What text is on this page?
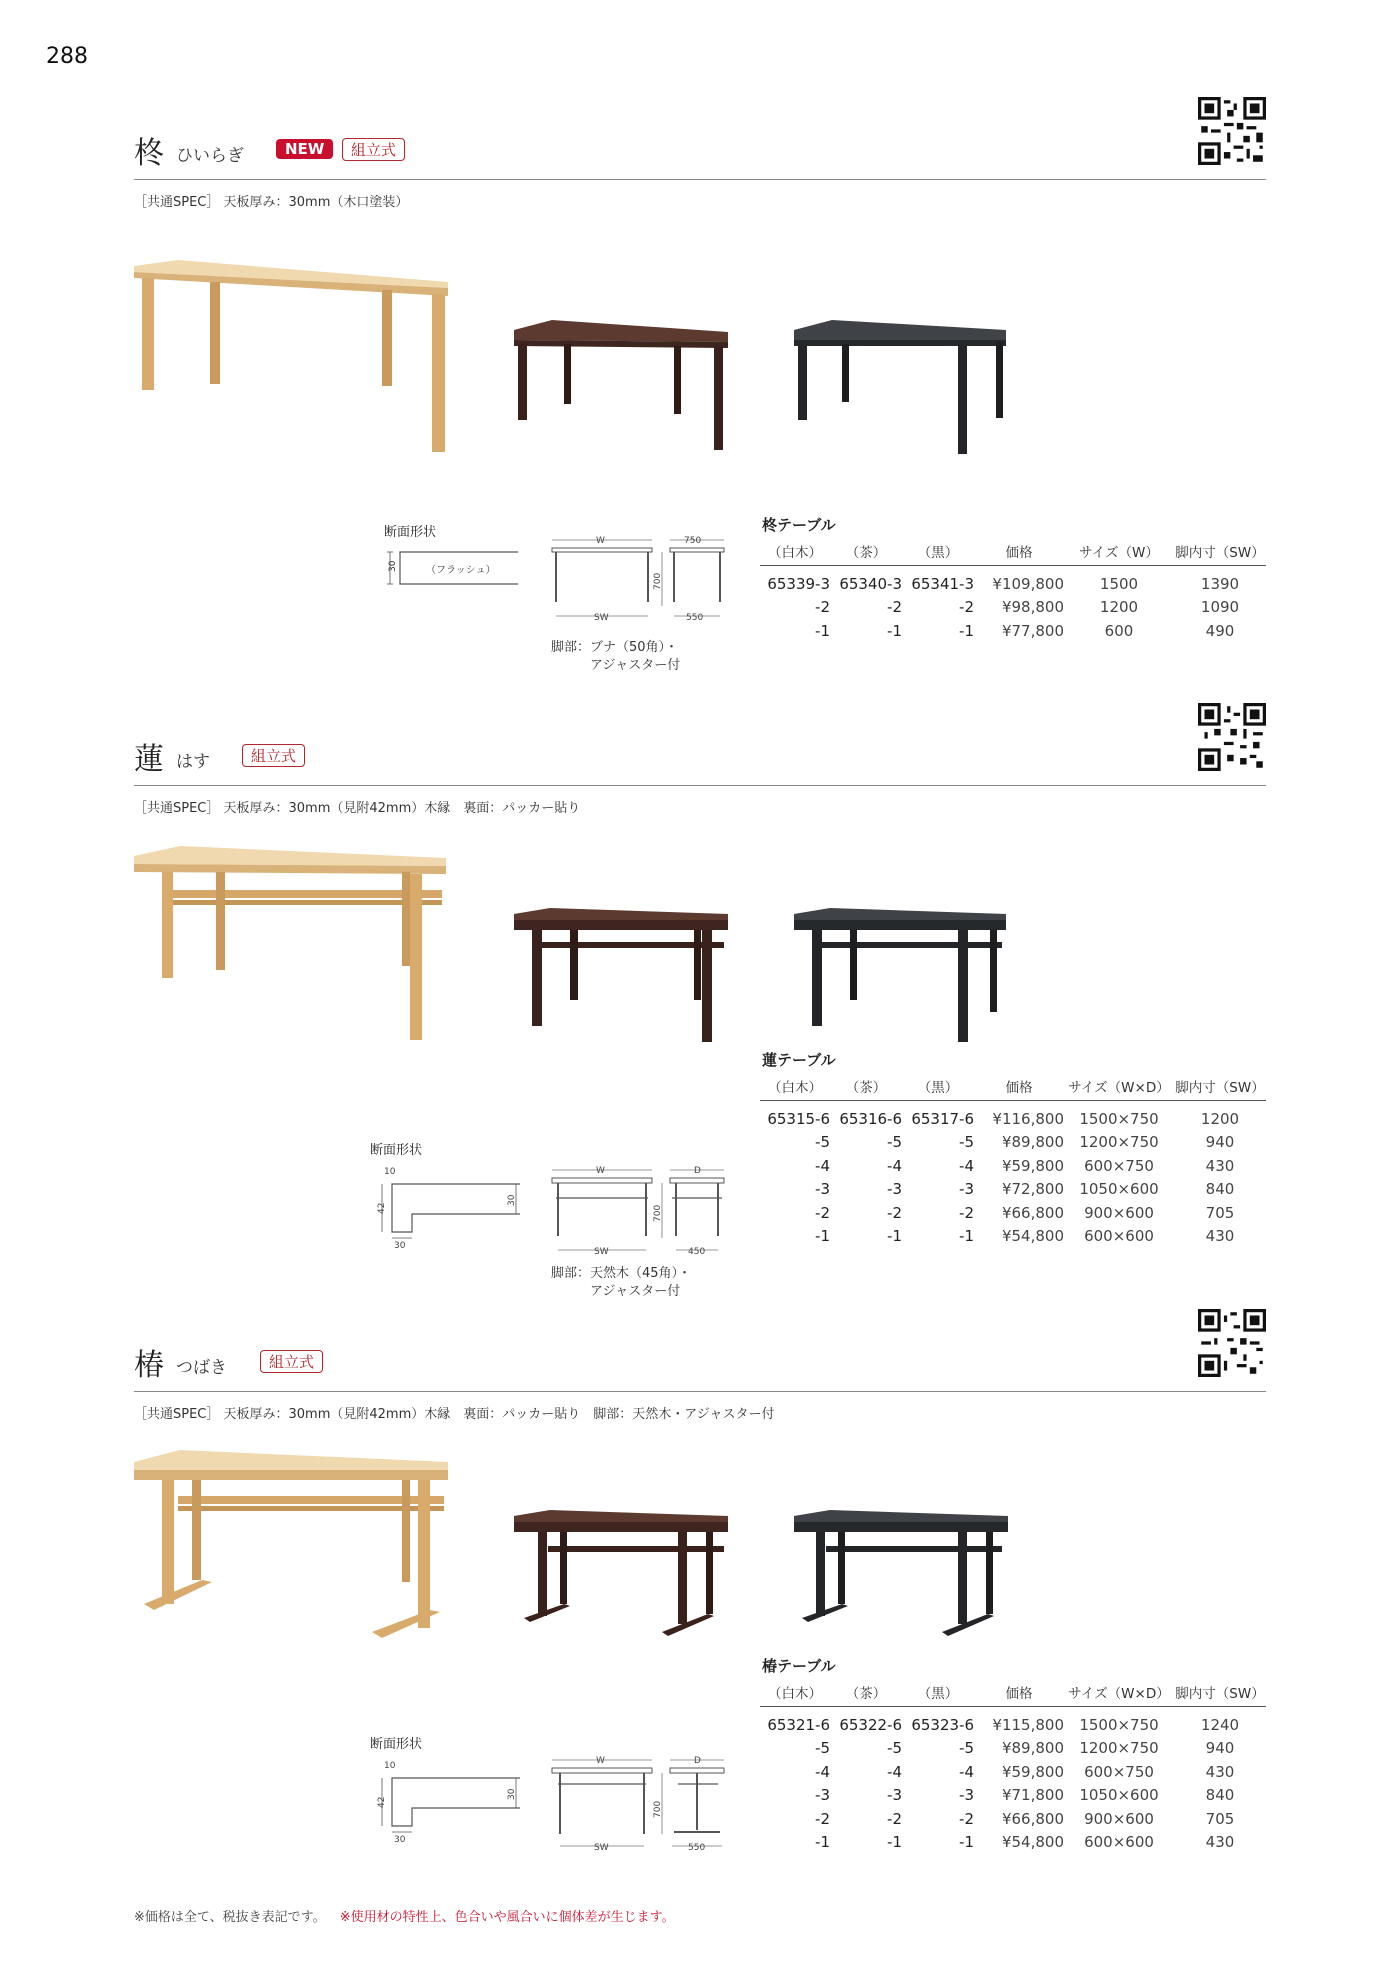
288
柊 ひいらぎ	NEW	組立式
［共通SPEC］ 天板厚み：30mm（木口塗装）
断面形状
30	（フラッシュ）
W
SW
700
750
550
脚部：ブナ（50角）・
アジャスター付
柊テーブル
（白木）	（茶）	（黒）	価格	サイズ（W）	脚内寸（SW）

65339-3	65340-3	65341-3	¥109,800	1500	1390
-2	-2	-2	¥98,800	1200	1090
-1	-1	-1	¥77,800	600	490
蓮 はす	組立式
［共通SPEC］ 天板厚み：30mm（見附42mm）木縁　裏面：パッカー貼り
断面形状
10
42
30
30
W
SW
700
D
450
脚部：天然木（45角）・
アジャスター付
蓮テーブル
（白木）	（茶）	（黒）	価格	サイズ（W×D）	脚内寸（SW）

65315-6	65316-6	65317-6	¥116,800	1500×750	1200
-5	-5	-5	¥89,800	1200×750	940
-4	-4	-4	¥59,800	600×750	430
-3	-3	-3	¥72,800	1050×600	840
-2	-2	-2	¥66,800	900×600	705
-1	-1	-1	¥54,800	600×600	430
椿 つばき	組立式
［共通SPEC］ 天板厚み：30mm（見附42mm）木縁　裏面：パッカー貼り　脚部：天然木・アジャスター付
断面形状
10
42
30
30
W
SW
700
D
550
椿テーブル
（白木）	（茶）	（黒）	価格	サイズ（W×D）	脚内寸（SW）

65321-6	65322-6	65323-6	¥115,800	1500×750	1240
-5	-5	-5	¥89,800	1200×750	940
-4	-4	-4	¥59,800	600×750	430
-3	-3	-3	¥71,800	1050×600	840
-2	-2	-2	¥66,800	900×600	705
-1	-1	-1	¥54,800	600×600	430
※価格は全て、税抜き表記です。 ※使用材の特性上、色合いや風合いに個体差が生じます。
